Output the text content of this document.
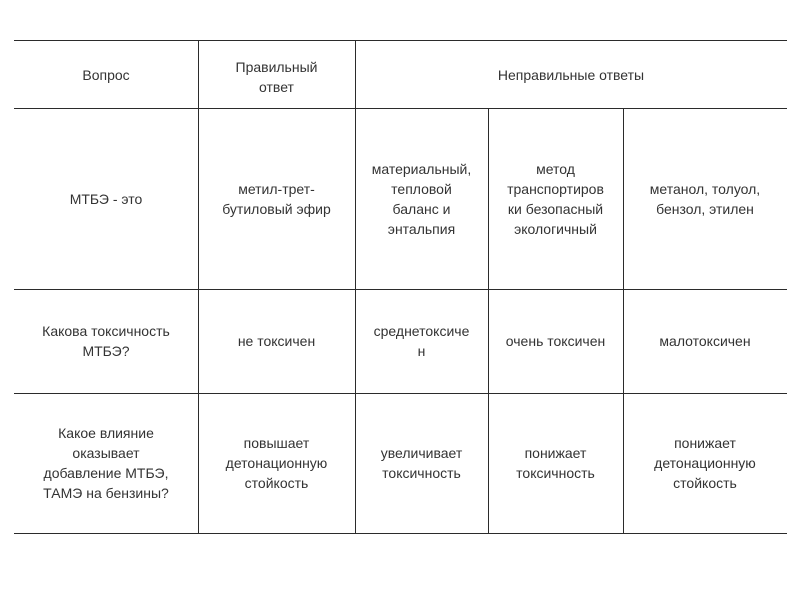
Вопрос	Правильный
ответ
Неправильные ответы
МТБЭ - это
метил-трет-
бутиловый эфир
материальный,
тепловой
баланс и
энтальпия
метод
транспортиров
ки безопасный
экологичный
метанол, толуол,
бензол, этилен
Какова токсичность
МТБЭ?
не токсичен
среднетоксиче
н
очень токсичен	малотоксичен
Какое влияние
оказывает
добавление МТБЭ,
ТАМЭ на бензины?
повышает
детонационную
стойкость
увеличивает
токсичность
понижает
токсичность
понижает
детонационную
стойкость
